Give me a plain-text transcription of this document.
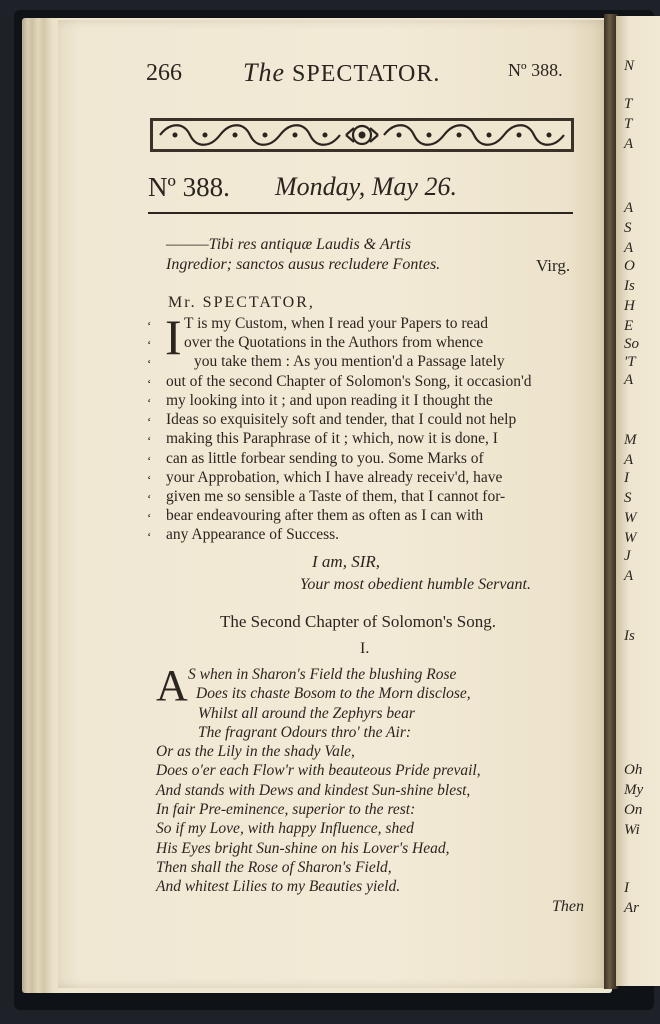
N
T
T
A
A
S
A
O
Is
H
E
So
'T
A
M
A
I
S
W
W
J
A
Is
Oh
My
On
Wi
I
Ar
266 The SPECTATOR.	Nº 388.
Nº 388. Monday, May 26.
———Tibi res antiquæ Laudis & Artis
Ingredior; sanctos ausus recludere Fontes.	Virg.
Mr. SPECTATOR,
I T is my Custom, when I read your Papers to read
over the Quotations in the Authors from whence
you take them : As you mention'd a Passage lately
out of the second Chapter of Solomon's Song, it occasion'd
my looking into it ; and upon reading it I thought the
Ideas so exquisitely soft and tender, that I could not help
making this Paraphrase of it ; which, now it is done, I
can as little forbear sending to you. Some Marks of
your Approbation, which I have already receiv'd, have
given me so sensible a Taste of them, that I cannot for-
bear endeavouring after them as often as I can with
any Appearance of Success.
‘
‘
‘
‘
‘
‘
‘
‘
‘
‘
‘
‘
I am, SIR,
Your most obedient humble Servant.
The Second Chapter of Solomon's Song.
I.
A S when in Sharon's Field the blushing Rose
Does its chaste Bosom to the Morn disclose,
Whilst all around the Zephyrs bear
The fragrant Odours thro' the Air:
Or as the Lily in the shady Vale,
Does o'er each Flow'r with beauteous Pride prevail,
And stands with Dews and kindest Sun-shine blest,
In fair Pre-eminence, superior to the rest:
So if my Love, with happy Influence, shed
His Eyes bright Sun-shine on his Lover's Head,
Then shall the Rose of Sharon's Field,
And whitest Lilies to my Beauties yield.
Then
